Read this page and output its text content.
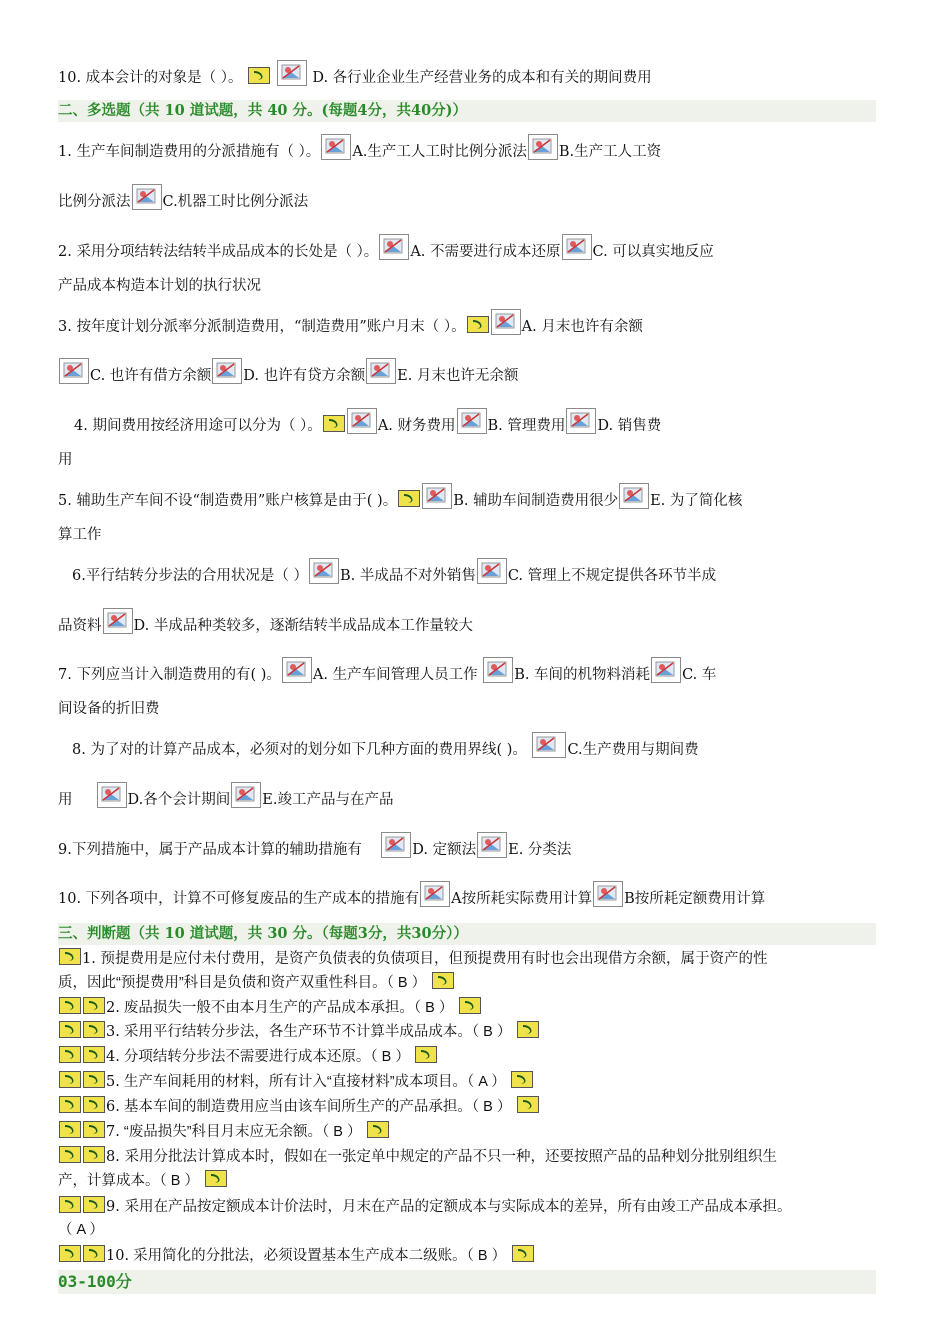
10. 成本会计的对象是（ ）。
	D. 各行业企业生产经营业务的成本和有关的期间费用
二、多选题（共 10 道试题，共 40 分。(每题4分，共40分)）
1. 生产车间制造费用的分派措施有（ ）。 A.生产工人工时比例分派法 B.生产工人工资
比例分派法 C.机器工时比例分派法
2. 采用分项结转法结转半成品成本的长处是（ ）。 A. 不需要进行成本还原 C. 可以真实地反应
产品成本构造本计划的执行状况
3. 按年度计划分派率分派制造费用，“制造费用”账户月末（ ）。	A. 月末也许有余额
C. 也许有借方余额 D. 也许有贷方余额 E. 月末也许无余额
4. 期间费用按经济用途可以分为（ ）。	A. 财务费用 B. 管理费用 D. 销售费
用
5. 辅助生产车间不设“制造费用”账户核算是由于( )。	B. 辅助车间制造费用很少 E. 为了简化核
算工作
6.平行结转分步法的合用状况是（ ） B. 半成品不对外销售 C. 管理上不规定提供各环节半成
品资料 D. 半成品种类较多，逐渐结转半成品成本工作量较大
7. 下列应当计入制造费用的有( )。 A. 生产车间管理人员工作	B. 车间的机物料消耗 C. 车
间设备的折旧费
8. 为了对的计算产品成本，必须对的划分如下几种方面的费用界线( )。	C.生产费用与期间费
用	D.各个会计期间 E.竣工产品与在产品
9.下列措施中，属于产品成本计算的辅助措施有	D. 定额法 E. 分类法
10. 下列各项中，计算不可修复废品的生产成本的措施有 A按所耗实际费用计算 B按所耗定额费用计算
三、判断题（共 10 道试题，共 30 分。（每题3分，共30分））
1. 预提费用是应付未付费用，是资产负债表的负债项目，但预提费用有时也会出现借方余额，属于资产的性
质，因此“预提费用”科目是负债和资产双重性科目。（ B ）
2. 废品损失一般不由本月生产的产品成本承担。（ B ）
3. 采用平行结转分步法，各生产环节不计算半成品成本。（ B ）
4. 分项结转分步法不需要进行成本还原。（ B ）
5. 生产车间耗用的材料，所有计入“直接材料”成本项目。（ A ）
6. 基本车间的制造费用应当由该车间所生产的产品承担。（ B ）
7. “废品损失”科目月末应无余额。（ B ）
8. 采用分批法计算成本时，假如在一张定单中规定的产品不只一种，还要按照产品的品种划分批别组织生
产，计算成本。（ B ）
9. 采用在产品按定额成本计价法时，月末在产品的定额成本与实际成本的差异，所有由竣工产品成本承担。
（ A ）
10. 采用简化的分批法，必须设置基本生产成本二级账。（ B ）
03-100分
